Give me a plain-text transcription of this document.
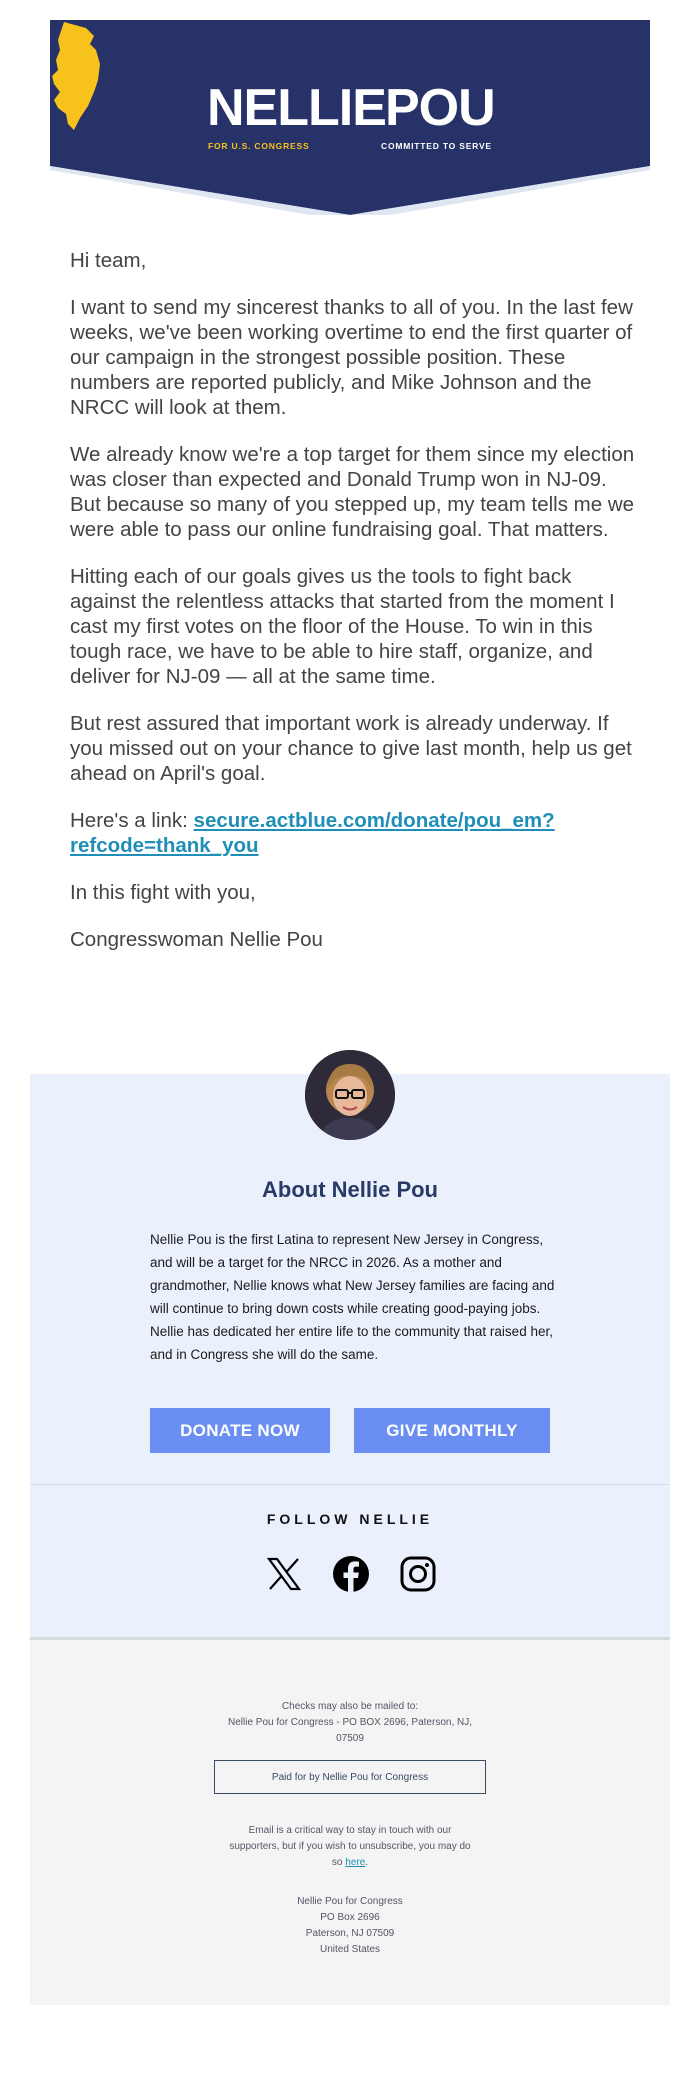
NELLIE POU
FOR U.S. CONGRESS	COMMITTED TO SERVE

Hi team,

I want to send my sincerest thanks to all of you. In the last few weeks, we've been working overtime to end the first quarter of our campaign in the strongest possible position. These numbers are reported publicly, and Mike Johnson and the NRCC will look at them.

We already know we're a top target for them since my election was closer than expected and Donald Trump won in NJ-09. But because so many of you stepped up, my team tells me we were able to pass our online fundraising goal. That matters.

Hitting each of our goals gives us the tools to fight back against the relentless attacks that started from the moment I cast my first votes on the floor of the House. To win in this tough race, we have to be able to hire staff, organize, and deliver for NJ-09 — all at the same time.

But rest assured that important work is already underway. If you missed out on your chance to give last month, help us get ahead on April's goal.

Here's a link: secure.actblue.com/donate/pou_em?refcode=thank_you

In this fight with you,

Congresswoman Nellie Pou

About Nellie Pou
Nellie Pou is the first Latina to represent New Jersey in Congress, and will be a target for the NRCC in 2026. As a mother and grandmother, Nellie knows what New Jersey families are facing and will continue to bring down costs while creating good-paying jobs. Nellie has dedicated her entire life to the community that raised her, and in Congress she will do the same.
DONATE NOW	GIVE MONTHLY
FOLLOW NELLIE
Checks may also be mailed to:
Nellie Pou for Congress - PO BOX 2696, Paterson, NJ,
07509
Paid for by Nellie Pou for Congress
Email is a critical way to stay in touch with our supporters, but if you wish to unsubscribe, you may do so here.
Nellie Pou for Congress
PO Box 2696
Paterson, NJ 07509
United States
